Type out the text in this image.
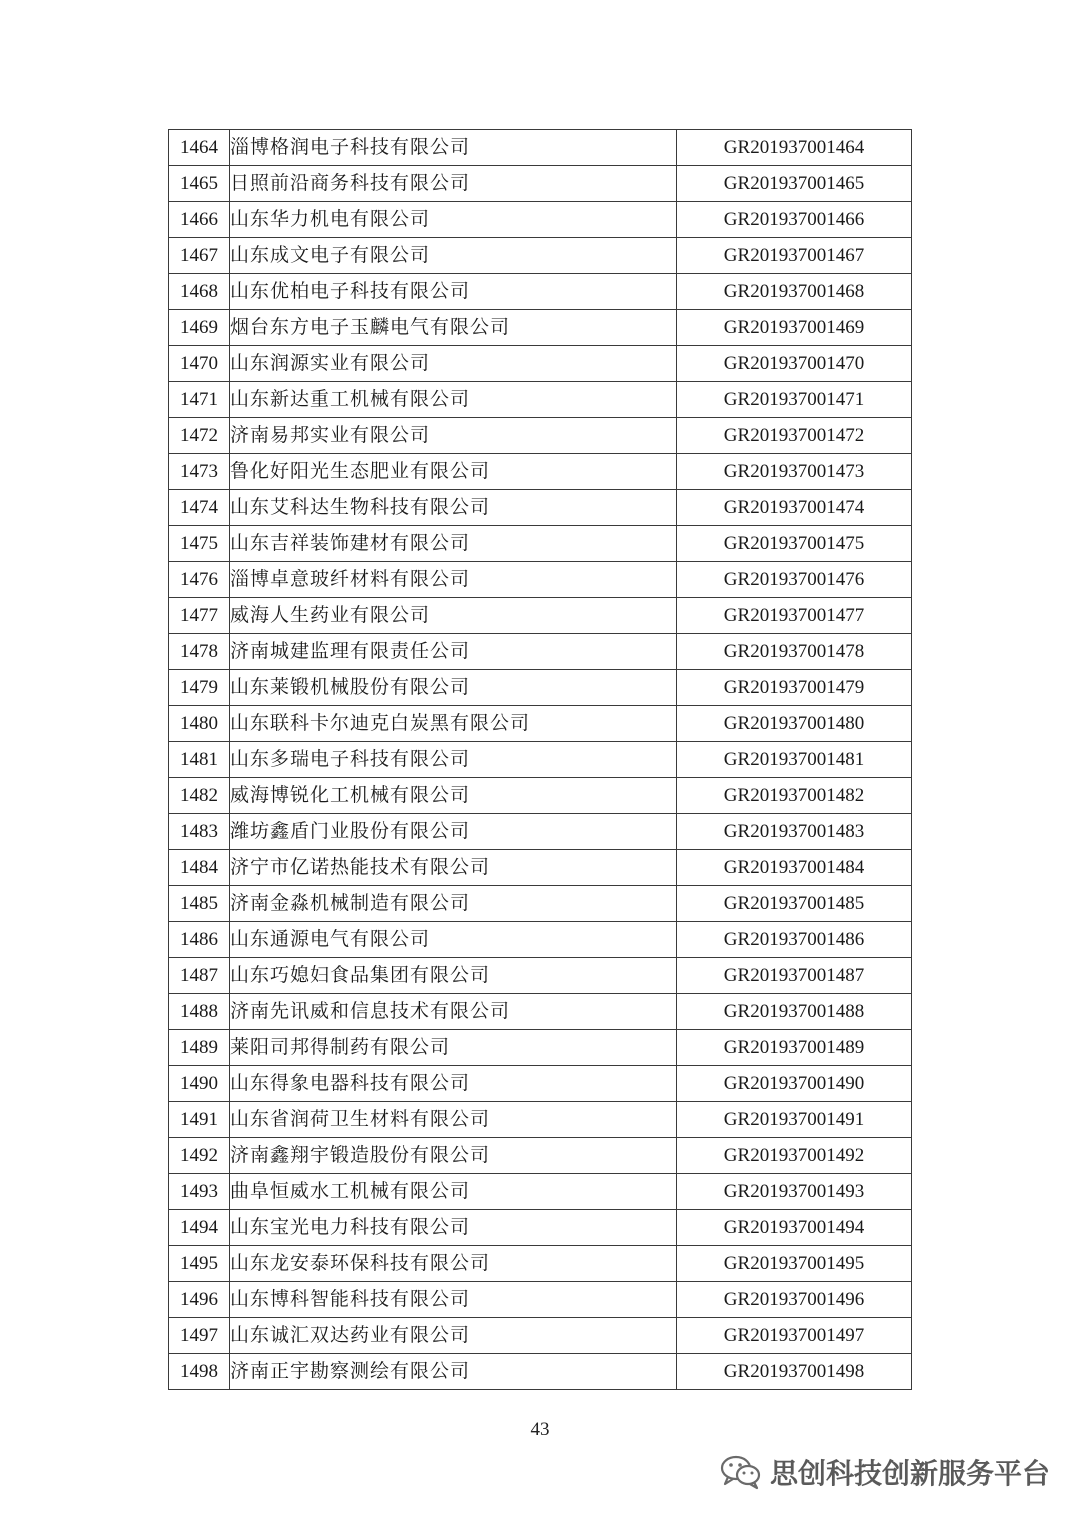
1464	淄博格润电子科技有限公司	GR201937001464
1465	日照前沿商务科技有限公司	GR201937001465
1466	山东华力机电有限公司	GR201937001466
1467	山东成文电子有限公司	GR201937001467
1468	山东优柏电子科技有限公司	GR201937001468
1469	烟台东方电子玉麟电气有限公司	GR201937001469
1470	山东润源实业有限公司	GR201937001470
1471	山东新达重工机械有限公司	GR201937001471
1472	济南易邦实业有限公司	GR201937001472
1473	鲁化好阳光生态肥业有限公司	GR201937001473
1474	山东艾科达生物科技有限公司	GR201937001474
1475	山东吉祥装饰建材有限公司	GR201937001475
1476	淄博卓意玻纤材料有限公司	GR201937001476
1477	威海人生药业有限公司	GR201937001477
1478	济南城建监理有限责任公司	GR201937001478
1479	山东莱锻机械股份有限公司	GR201937001479
1480	山东联科卡尔迪克白炭黑有限公司	GR201937001480
1481	山东多瑞电子科技有限公司	GR201937001481
1482	威海博锐化工机械有限公司	GR201937001482
1483	潍坊鑫盾门业股份有限公司	GR201937001483
1484	济宁市亿诺热能技术有限公司	GR201937001484
1485	济南金淼机械制造有限公司	GR201937001485
1486	山东通源电气有限公司	GR201937001486
1487	山东巧媳妇食品集团有限公司	GR201937001487
1488	济南先讯威和信息技术有限公司	GR201937001488
1489	莱阳司邦得制药有限公司	GR201937001489
1490	山东得象电器科技有限公司	GR201937001490
1491	山东省润荷卫生材料有限公司	GR201937001491
1492	济南鑫翔宇锻造股份有限公司	GR201937001492
1493	曲阜恒威水工机械有限公司	GR201937001493
1494	山东宝光电力科技有限公司	GR201937001494
1495	山东龙安泰环保科技有限公司	GR201937001495
1496	山东博科智能科技有限公司	GR201937001496
1497	山东诚汇双达药业有限公司	GR201937001497
1498	济南正宇勘察测绘有限公司	GR201937001498
43
思创科技创新服务平台
